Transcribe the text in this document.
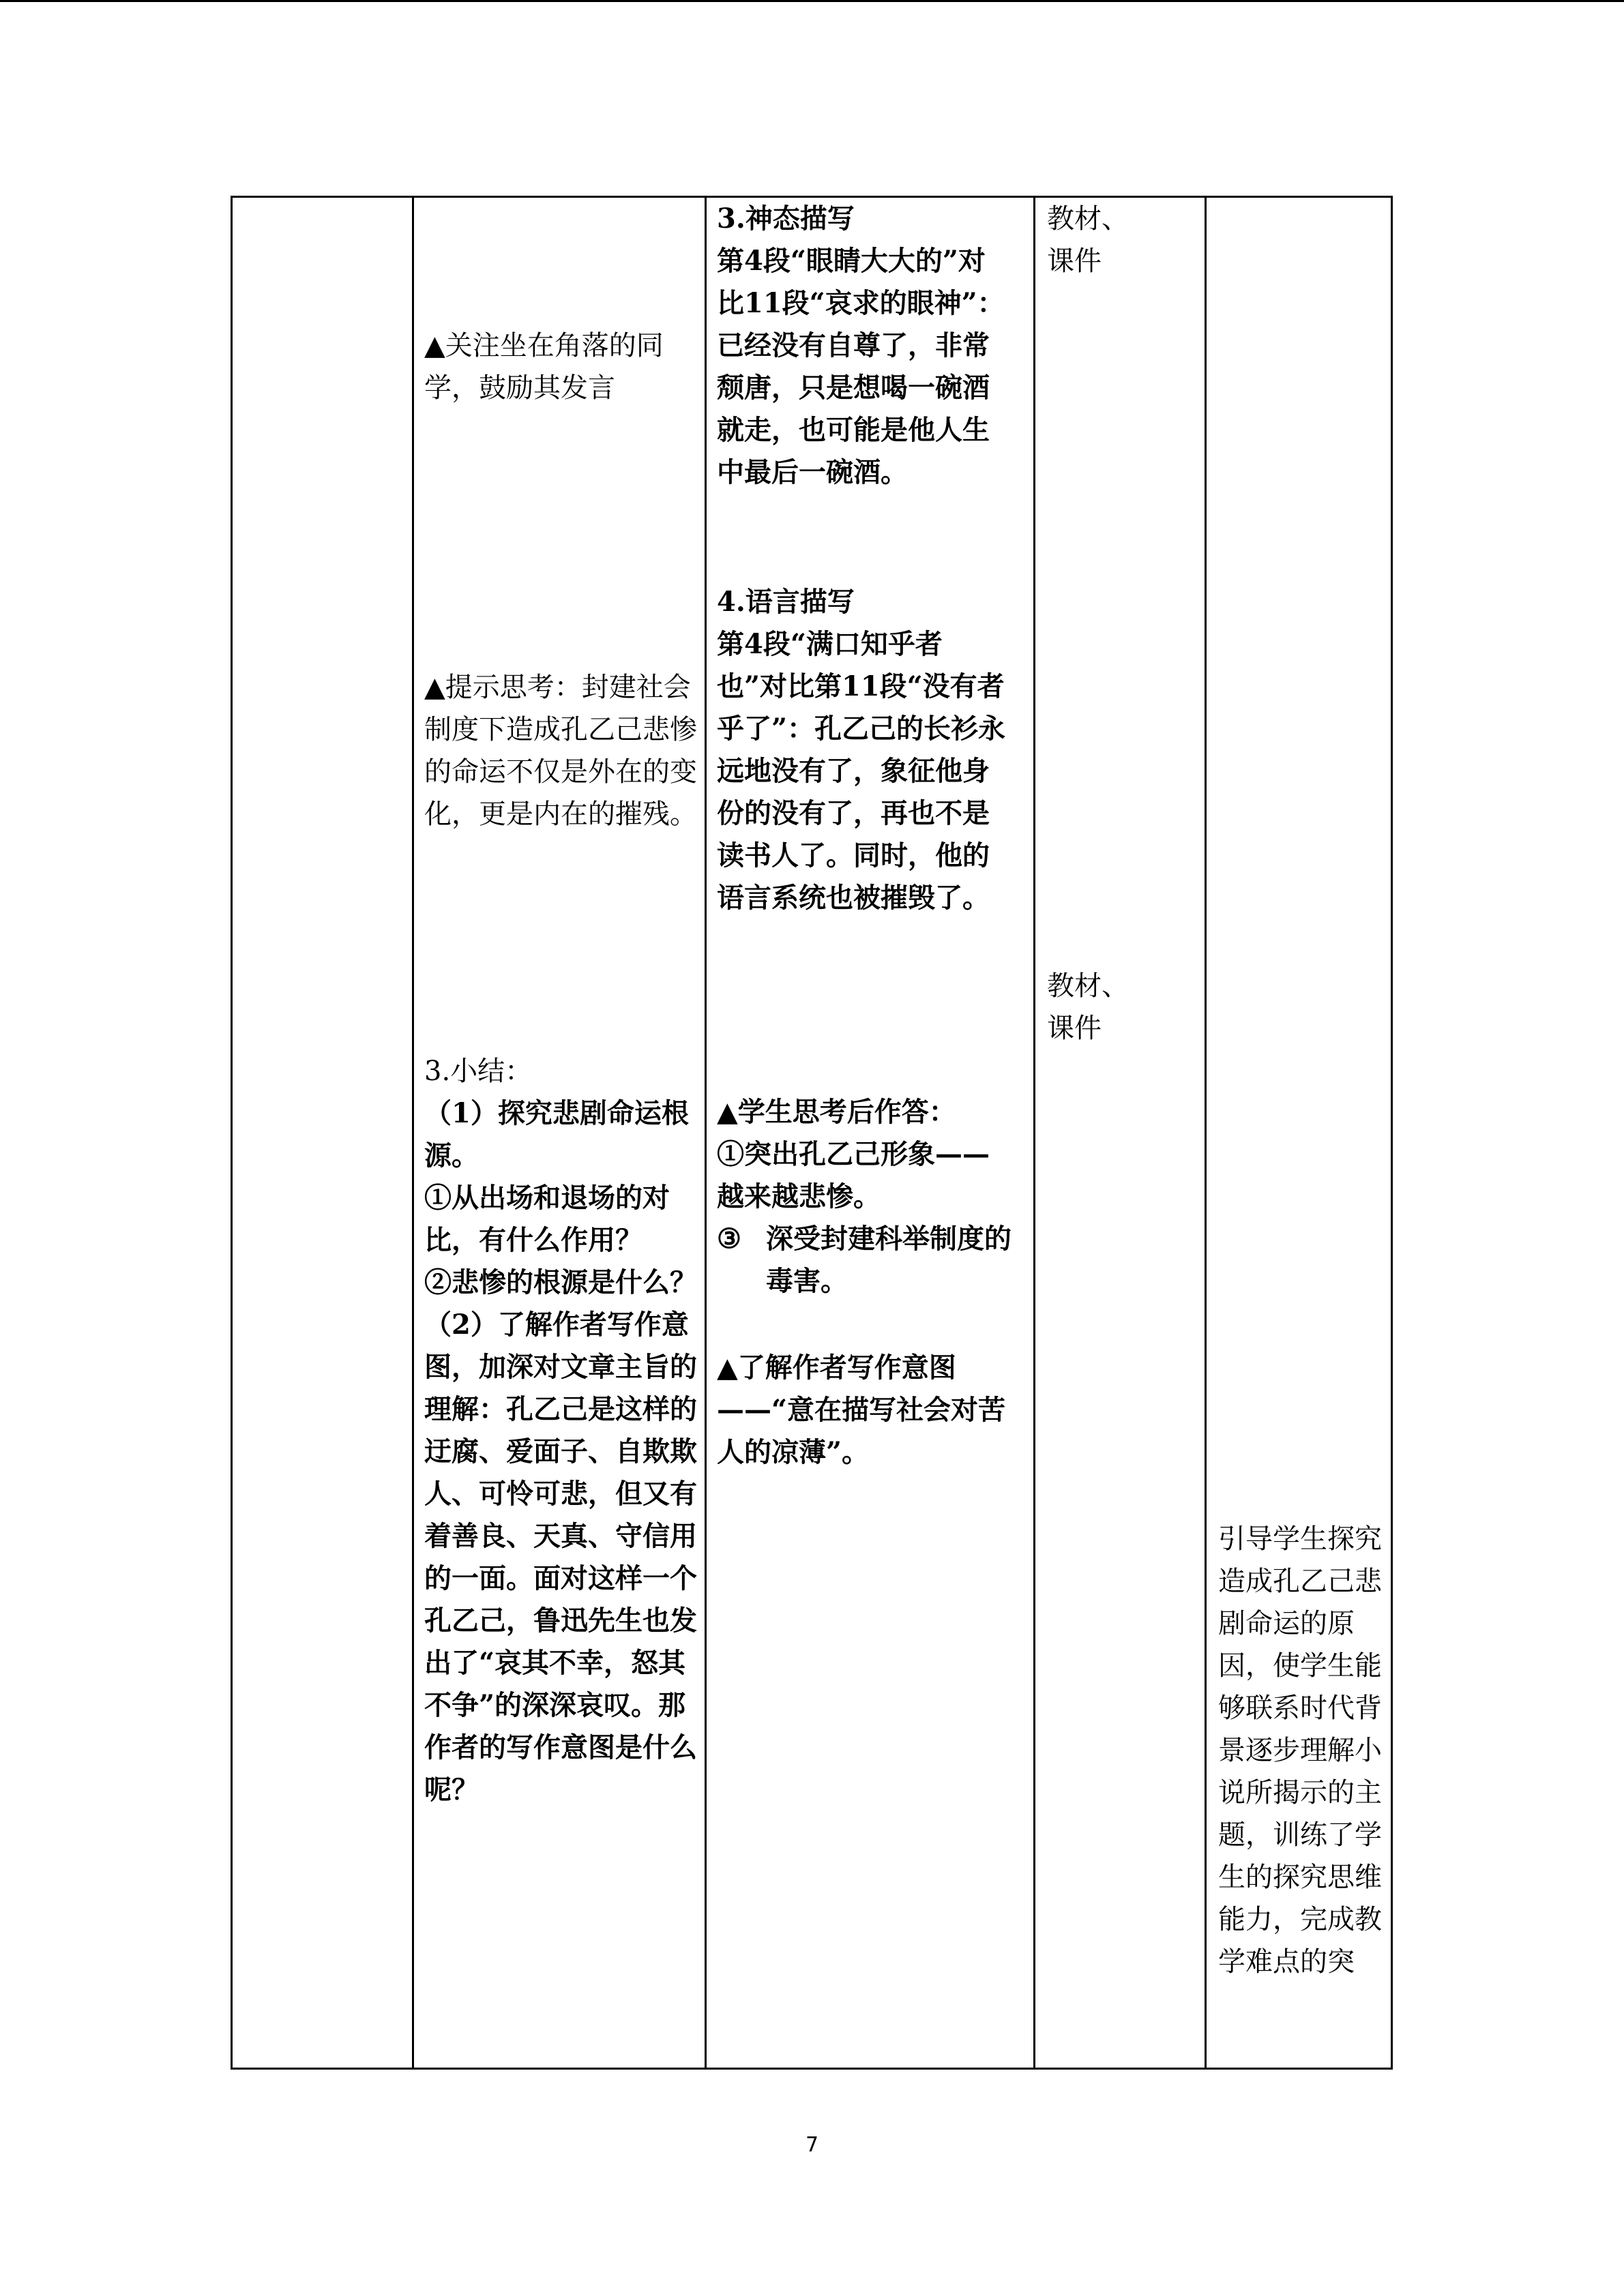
▲关注坐在角落的同学，鼓励其发言

▲提示思考：封建社会制度下造成孔乙己悲惨的命运不仅是外在的变化，更是内在的摧残。

3.小结：

（1）探究悲剧命运根源。

①从出场和退场的对比，有什么作用？

②悲惨的根源是什么？

（2）了解作者写作意图，加深对文章主旨的理解：孔乙己是这样的迂腐、爱面子、自欺欺人、可怜可悲，但又有着善良、天真、守信用的一面。面对这样一个孔乙己，鲁迅先生也发出了“哀其不幸，怒其不争”的深深哀叹。那作者的写作意图是什么呢？

3.神态描写

第4段“眼睛大大的”对比11段“哀求的眼神”：已经没有自尊了，非常颓唐，只是想喝一碗酒就走，也可能是他人生中最后一碗酒。

4.语言描写

第4段“满口知乎者也”对比第11段“没有者乎了”：孔乙己的长衫永远地没有了，象征他身份的没有了，再也不是读书人了。同时，他的语言系统也被摧毁了。

▲学生思考后作答：

①突出孔乙己形象——越来越悲惨。

③ 深受封建科举制度的毒害。

▲了解作者写作意图——“意在描写社会对苦人的凉薄”。

教材、课件

教材、课件

引导学生探究造成孔乙己悲剧命运的原因，使学生能够联系时代背景逐步理解小说所揭示的主题，训练了学生的探究思维能力，完成教学难点的突

7
